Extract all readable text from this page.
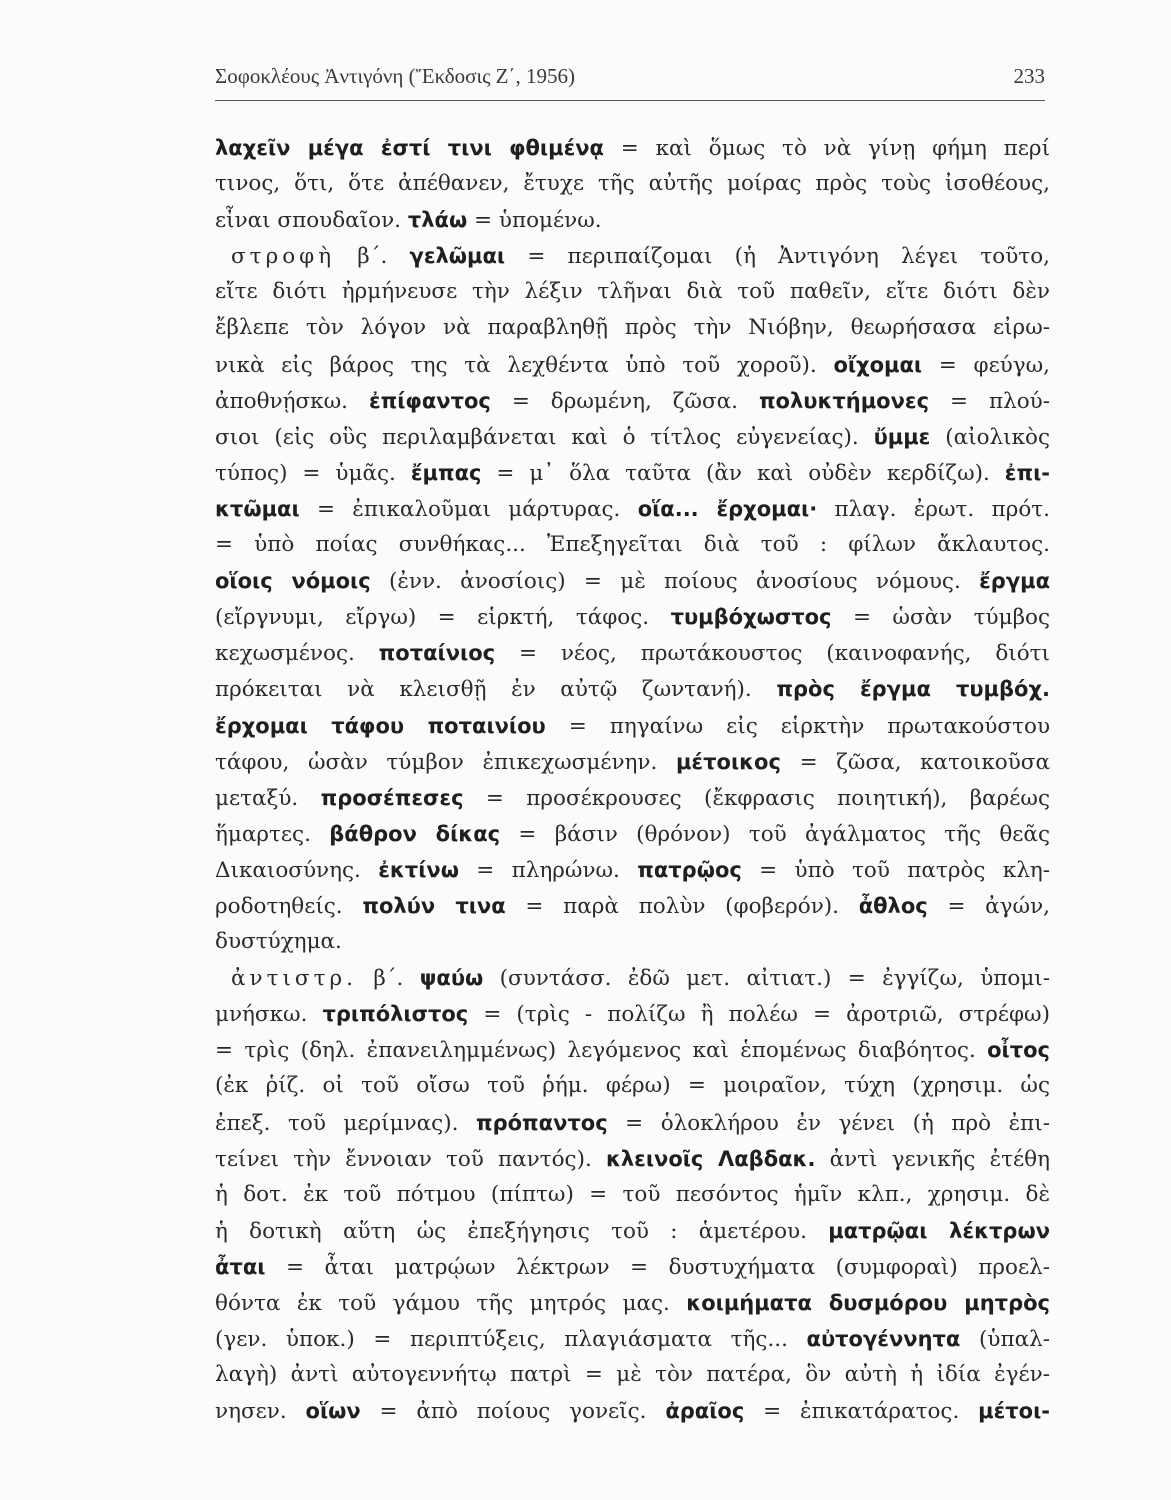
Σοφοκλέους Ἀντιγόνη (Ἔκδοσις Ζ΄, 1956)	233
λαχεῖν μέγα ἐστί τινι φθιμένᾳ = καὶ ὅμως τὸ νὰ γίνῃ φήμη περί
τινος, ὅτι, ὅτε ἀπέθανεν, ἔτυχε τῆς αὐτῆς μοίρας πρὸς τοὺς ἰσοθέους,
εἶναι σπουδαῖον. τλάω = ὑπομένω.
στροφὴ β΄. γελῶμαι = περιπαίζομαι (ἡ Ἀντιγόνη λέγει τοῦτο,
εἴτε διότι ἠρμήνευσε τὴν λέξιν τλῆναι διὰ τοῦ παθεῖν, εἴτε διότι δὲν
ἔβλεπε τὸν λόγον νὰ παραβληθῇ πρὸς τὴν Νιόβην, θεωρήσασα εἰρω-
νικὰ εἰς βάρος της τὰ λεχθέντα ὑπὸ τοῦ χοροῦ). οἴχομαι = φεύγω,
ἀποθνῄσκω. ἐπίφαντος = δρωμένη, ζῶσα. πολυκτήμονες = πλού-
σιοι (εἰς οὓς περιλαμβάνεται καὶ ὁ τίτλος εὐγενείας). ὔμμε (αἰολικὸς
τύπος) = ὑμᾶς. ἔμπας = μ᾿ ὅλα ταῦτα (ἂν καὶ οὐδὲν κερδίζω). ἐπι-
κτῶμαι = ἐπικαλοῦμαι μάρτυρας. οἵα... ἔρχομαι· πλαγ. ἐρωτ. πρότ.
= ὑπὸ ποίας συνθήκας... Ἐπεξηγεῖται διὰ τοῦ : φίλων ἄκλαυτος.
οἵοις νόμοις (ἐνν. ἀνοσίοις) = μὲ ποίους ἀνοσίους νόμους. ἔργμα
(εἴργνυμι, εἴργω) = εἱρκτή, τάφος. τυμβόχωστος = ὡσὰν τύμβος
κεχωσμένος. ποταίνιος = νέος, πρωτάκουστος (καινοφανής, διότι
πρόκειται νὰ κλεισθῇ ἐν αὐτῷ ζωντανή). πρὸς ἔργμα τυμβόχ.
ἔρχομαι τάφου ποταινίου = πηγαίνω εἰς εἱρκτὴν πρωτακούστου
τάφου, ὡσὰν τύμβον ἐπικεχωσμένην. μέτοικος = ζῶσα, κατοικοῦσα
μεταξύ. προσέπεσες = προσέκρουσες (ἔκφρασις ποιητική), βαρέως
ἥμαρτες. βάθρον δίκας = βάσιν (θρόνον) τοῦ ἀγάλματος τῆς θεᾶς
Δικαιοσύνης. ἐκτίνω = πληρώνω. πατρῷος = ὑπὸ τοῦ πατρὸς κλη-
ροδοτηθείς. πολύν τινα = παρὰ πολὺν (φοβερόν). ἆθλος = ἀγών,
δυστύχημα.
ἀντιστρ. β΄. ψαύω (συντάσσ. ἐδῶ μετ. αἰτιατ.) = ἐγγίζω, ὑπομι-
μνήσκω. τριπόλιστος = (τρὶς - πολίζω ἢ πολέω = ἀροτριῶ, στρέφω)
= τρὶς (δηλ. ἐπανειλημμένως) λεγόμενος καὶ ἑπομένως διαβόητος. οἶτος
(ἐκ ῥίζ. οἰ τοῦ οἴσω τοῦ ῥήμ. φέρω) = μοιραῖον, τύχη (χρησιμ. ὡς
ἐπεξ. τοῦ μερίμνας). πρόπαντος = ὁλοκλήρου ἐν γένει (ἡ πρὸ ἐπι-
τείνει τὴν ἔννοιαν τοῦ παντός). κλεινοῖς Λαβδακ. ἀντὶ γενικῆς ἐτέθη
ἡ δοτ. ἐκ τοῦ πότμου (πίπτω) = τοῦ πεσόντος ἡμῖν κλπ., χρησιμ. δὲ
ἡ δοτικὴ αὕτη ὡς ἐπεξήγησις τοῦ : ἁμετέρου. ματρῷαι λέκτρων
ἆται = ἆται ματρῴων λέκτρων = δυστυχήματα (συμφοραὶ) προελ-
θόντα ἐκ τοῦ γάμου τῆς μητρός μας. κοιμήματα δυσμόρου μητρὸς
(γεν. ὑποκ.) = περιπτύξεις, πλαγιάσματα τῆς... αὐτογέννητα (ὑπαλ-
λαγὴ) ἀντὶ αὐτογεννήτῳ πατρὶ = μὲ τὸν πατέρα, ὃν αὐτὴ ἡ ἰδία ἐγέν-
νησεν. οἵων = ἀπὸ ποίους γονεῖς. ἀραῖος = ἐπικατάρατος. μέτοι-
